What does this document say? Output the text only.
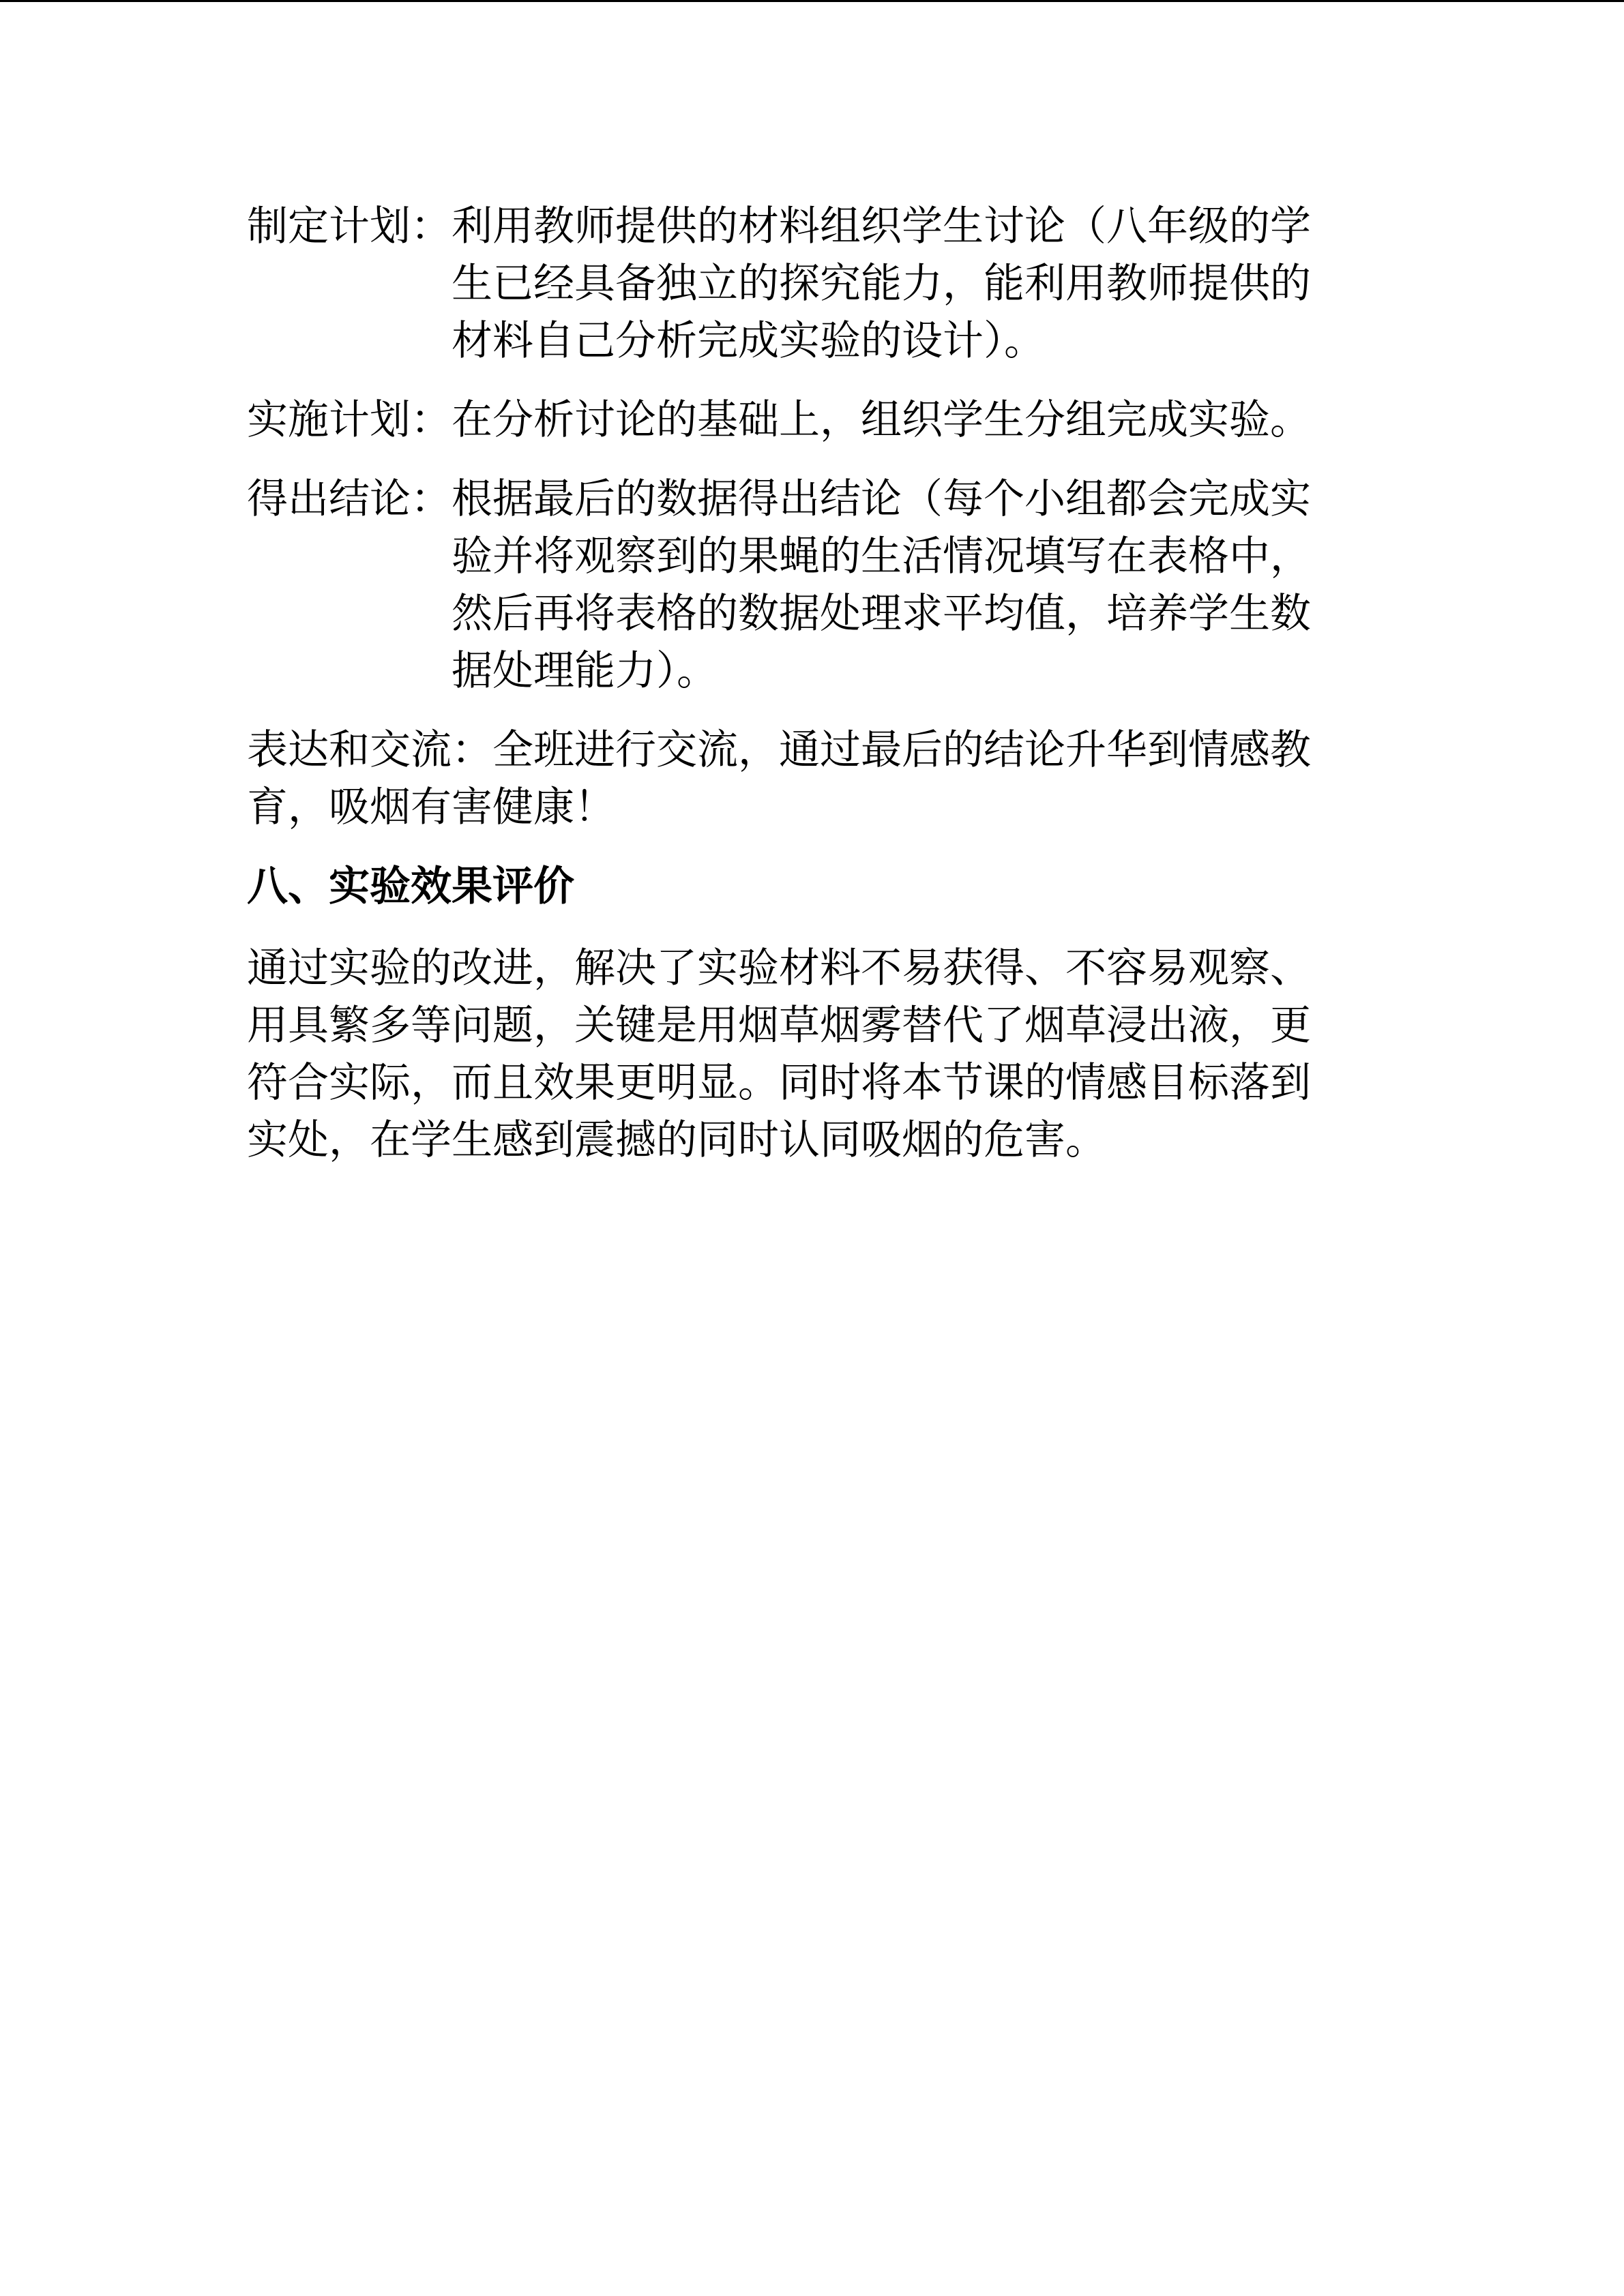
制定计划： 利用教师提供的材料组织学生讨论（八年级的学生已经具备独立的探究能力，能利用教师提供的材料自己分析完成实验的设计）。
实施计划： 在分析讨论的基础上，组织学生分组完成实验。
得出结论： 根据最后的数据得出结论（每个小组都会完成实验并将观察到的果蝇的生活情况填写在表格中，然后再将表格的数据处理求平均值，培养学生数据处理能力）。

表达和交流：全班进行交流，通过最后的结论升华到情感教育，吸烟有害健康！

八、实验效果评价

通过实验的改进，解决了实验材料不易获得、不容易观察、用具繁多等问题，关键是用烟草烟雾替代了烟草浸出液，更符合实际，而且效果更明显。同时将本节课的情感目标落到实处，在学生感到震撼的同时认同吸烟的危害。
